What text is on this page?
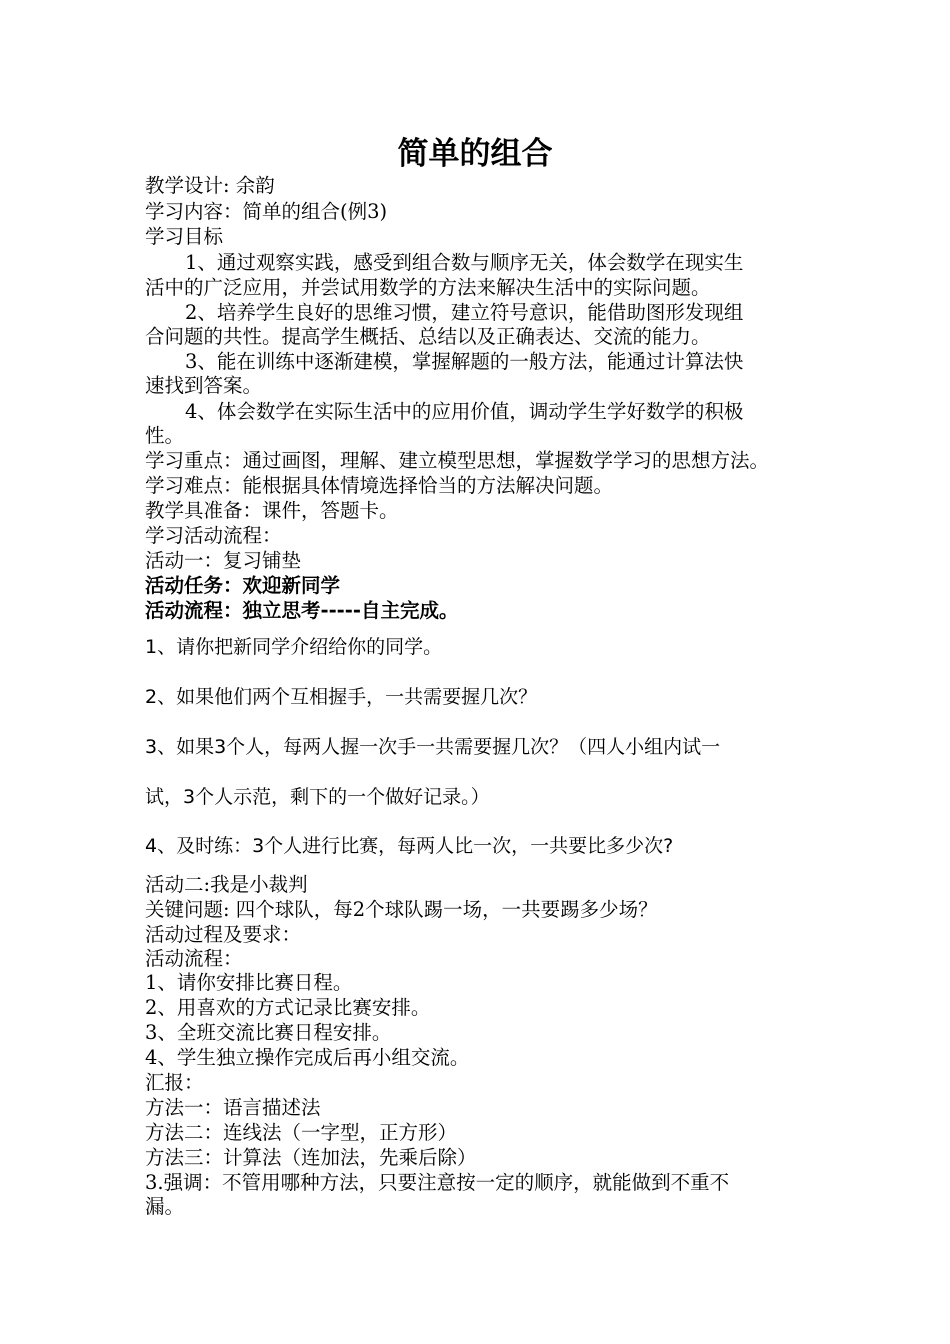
简单的组合
教学设计: 余韵
学习内容：简单的组合(例3)
学习目标
1、通过观察实践，感受到组合数与顺序无关，体会数学在现实生
活中的广泛应用，并尝试用数学的方法来解决生活中的实际问题。
2、培养学生良好的思维习惯，建立符号意识，能借助图形发现组
合问题的共性。提高学生概括、总结以及正确表达、交流的能力。
3、能在训练中逐渐建模，掌握解题的一般方法，能通过计算法快
速找到答案。
4、体会数学在实际生活中的应用价值，调动学生学好数学的积极
性。
学习重点：通过画图，理解、建立模型思想，掌握数学学习的思想方法。
学习难点：能根据具体情境选择恰当的方法解决问题。
教学具准备：课件，答题卡。
学习活动流程：
活动一：复习铺垫
活动任务：欢迎新同学
活动流程：独立思考-----自主完成。
1、请你把新同学介绍给你的同学。
2、如果他们两个互相握手，一共需要握几次？
3、如果3个人，每两人握一次手一共需要握几次？（四人小组内试一
试，3个人示范，剩下的一个做好记录。）
4、及时练：3个人进行比赛，每两人比一次，一共要比多少次?
活动二:我是小裁判
关键问题: 四个球队，每2个球队踢一场，一共要踢多少场？
活动过程及要求：
活动流程：
1、请你安排比赛日程。
2、用喜欢的方式记录比赛安排。
3、全班交流比赛日程安排。
4、学生独立操作完成后再小组交流。
汇报：
方法一：语言描述法
方法二：连线法（一字型，正方形）
方法三：计算法（连加法，先乘后除）
3.强调：不管用哪种方法，只要注意按一定的顺序，就能做到不重不
漏。
